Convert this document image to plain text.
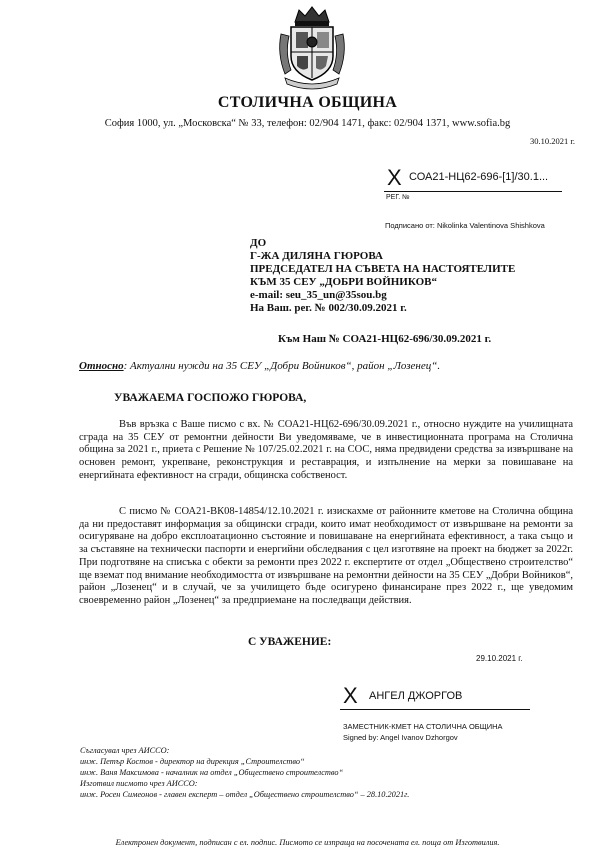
СТОЛИЧНА ОБЩИНА
София 1000, ул. „Московска“ № 33, телефон: 02/904 1471, факс: 02/904 1371, www.sofia.bg
30.10.2021 г.
X СОА21-НЦ62-696-[1]/30.1...
РЕГ. №
Подписано от: Nikolinka Valentinova Shishkova
ДО
Г-ЖА ДИЛЯНА ГЮРОВА
ПРЕДСЕДАТЕЛ НА СЪВЕТА НА НАСТОЯТЕЛИТЕ
КЪМ 35 СЕУ „ДОБРИ ВОЙНИКОВ“
e-mail: seu_35_un@35sou.bg
На Ваш. рег. № 002/30.09.2021 г.
Към Наш № СОА21-НЦ62-696/30.09.2021 г.
Относно: Актуални нужди на 35 СЕУ „Добри Войников“, район „Лозенец“.
УВАЖАЕМА ГОСПОЖО ГЮРОВА,

Във връзка с Ваше писмо с вх. № СОА21-НЦ62-696/30.09.2021 г., относно нуждите на училищната сграда на 35 СЕУ от ремонтни дейности Ви уведомяваме, че в инвестиционната програма на Столична община за 2021 г., приета с Решение № 107/25.02.2021 г. на СОС, няма предвидени средства за извършване на основен ремонт, укрепване, реконструкция и реставрация, и изпълнение на мерки за повишаване на енергийната ефективност на сгради, общинска собственост.

С писмо № СОА21-ВК08-14854/12.10.2021 г. изискахме от районните кметове на Столична община да ни предоставят информация за общински сгради, които имат необходимост от извършване на ремонти за осигуряване на добро експлоатационно състояние и повишаване на енергийната ефективност, а така също и за съставяне на технически паспорти и енергийни обследвания с цел изготвяне на проект на бюджет за 2022г. При подготвяне на списъка с обекти за ремонти през 2022 г. експертите от отдел „Обществено строителство“ ще вземат под внимание необходимостта от извършване на ремонтни дейности на 35 СЕУ „Добри Войников“, район „Лозенец“ и в случай, че за училището бъде осигурено финансиране през 2022 г., ще уведомим своевременно район „Лозенец“ за предприемане на последващи действия.

С УВАЖЕНИЕ:
29.10.2021 г.
X АНГЕЛ ДЖОРГОВ
ЗАМЕСТНИК-КМЕТ НА СТОЛИЧНА ОБЩИНА
Signed by: Angel Ivanov Dzhorgov
Съгласувал чрез АИССО:
инж. Петър Костов - директор на дирекция „Строителство“
инж. Ваня Максимова - началник на отдел „Обществено строителство“
Изготвил писмото чрез АИССО:
инж. Росен Симеонов - главен експерт – отдел „Обществено строителство“ – 28.10.2021г.
Електронен документ, подписан с ел. подпис. Писмото се изпраща на посочената ел. поща от Изготвилия.
